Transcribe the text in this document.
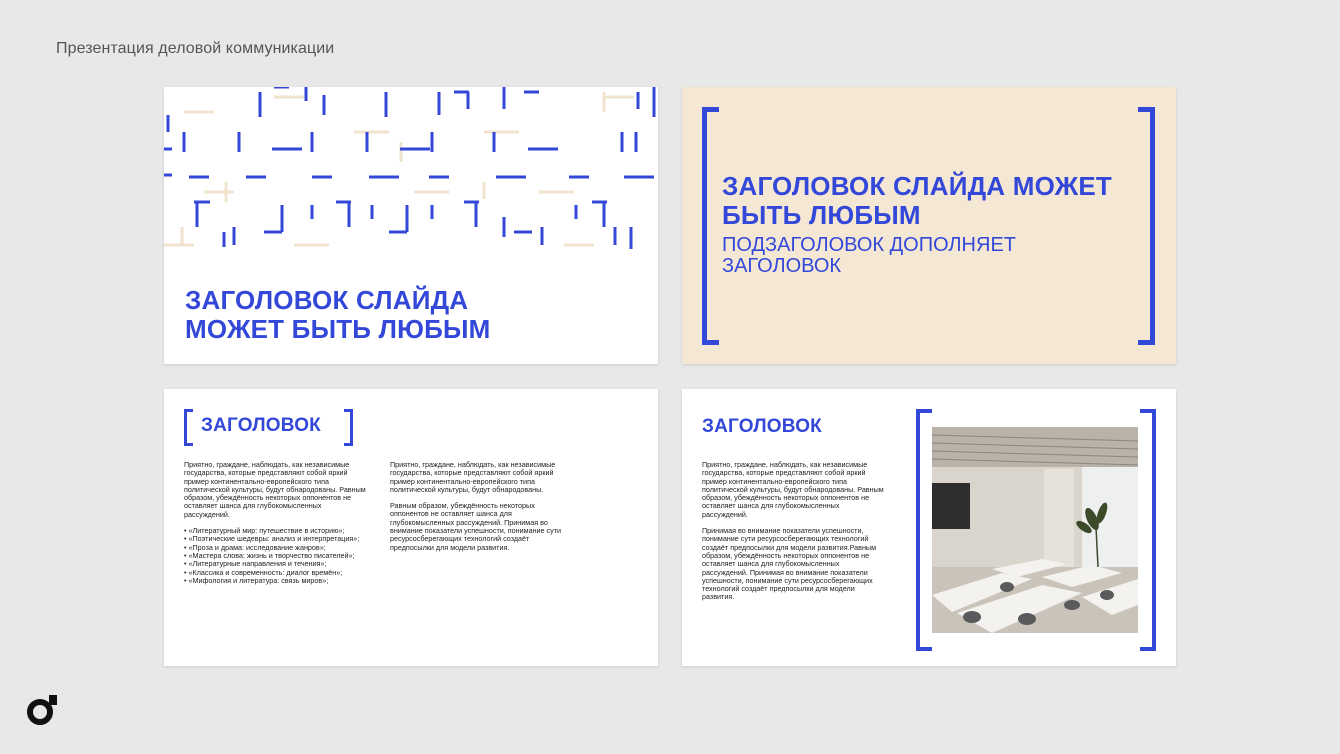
Презентация деловой коммуникации
ЗАГОЛОВОК СЛАЙДА МОЖЕТ БЫТЬ ЛЮБЫМ
ЗАГОЛОВОК СЛАЙДА МОЖЕТ БЫТЬ ЛЮБЫМ
ПОДЗАГОЛОВОК ДОПОЛНЯЕТ ЗАГОЛОВОК
ЗАГОЛОВОК

Приятно, граждане, наблюдать, как независимые государства, которые представляют собой яркий пример континентально-европейского типа политической культуры, будут обнародованы. Равным образом, убеждённость некоторых оппонентов не оставляет шанса для глубокомысленных рассуждений.

• «Литературный мир: путешествие в историю»;
• «Поэтические шедевры: анализ и интерпретация»;
• «Проза и драма: исследование жанров»;
• «Мастера слова: жизнь и творчество писателей»;
• «Литературные направления и течения»;
• «Классика и современность: диалог времён»;
• «Мифология и литература: связь миров»;

Приятно, граждане, наблюдать, как независимые государства, которые представляют собой яркий пример континентально-европейского типа политической культуры, будут обнародованы.

Равным образом, убеждённость некоторых оппонентов не оставляет шанса для глубокомысленных рассуждений. Принимая во внимание показатели успешности, понимание сути ресурсосберегающих технологий создаёт предпосылки для модели развития.

ЗАГОЛОВОК

Приятно, граждане, наблюдать, как независимые государства, которые представляют собой яркий пример континентально-европейского типа политической культуры, будут обнародованы. Равным образом, убеждённость некоторых оппонентов не оставляет шанса для глубокомысленных рассуждений.

Принимая во внимание показатели успешности, понимание сути ресурсосберегающих технологий создаёт предпосылки для модели развития.Равным образом, убеждённость некоторых оппонентов не оставляет шанса для глубокомысленных рассуждений. Принимая во внимание показатели успешности, понимание сути ресурсосберегающих технологий создаёт предпосылки для модели развития.
